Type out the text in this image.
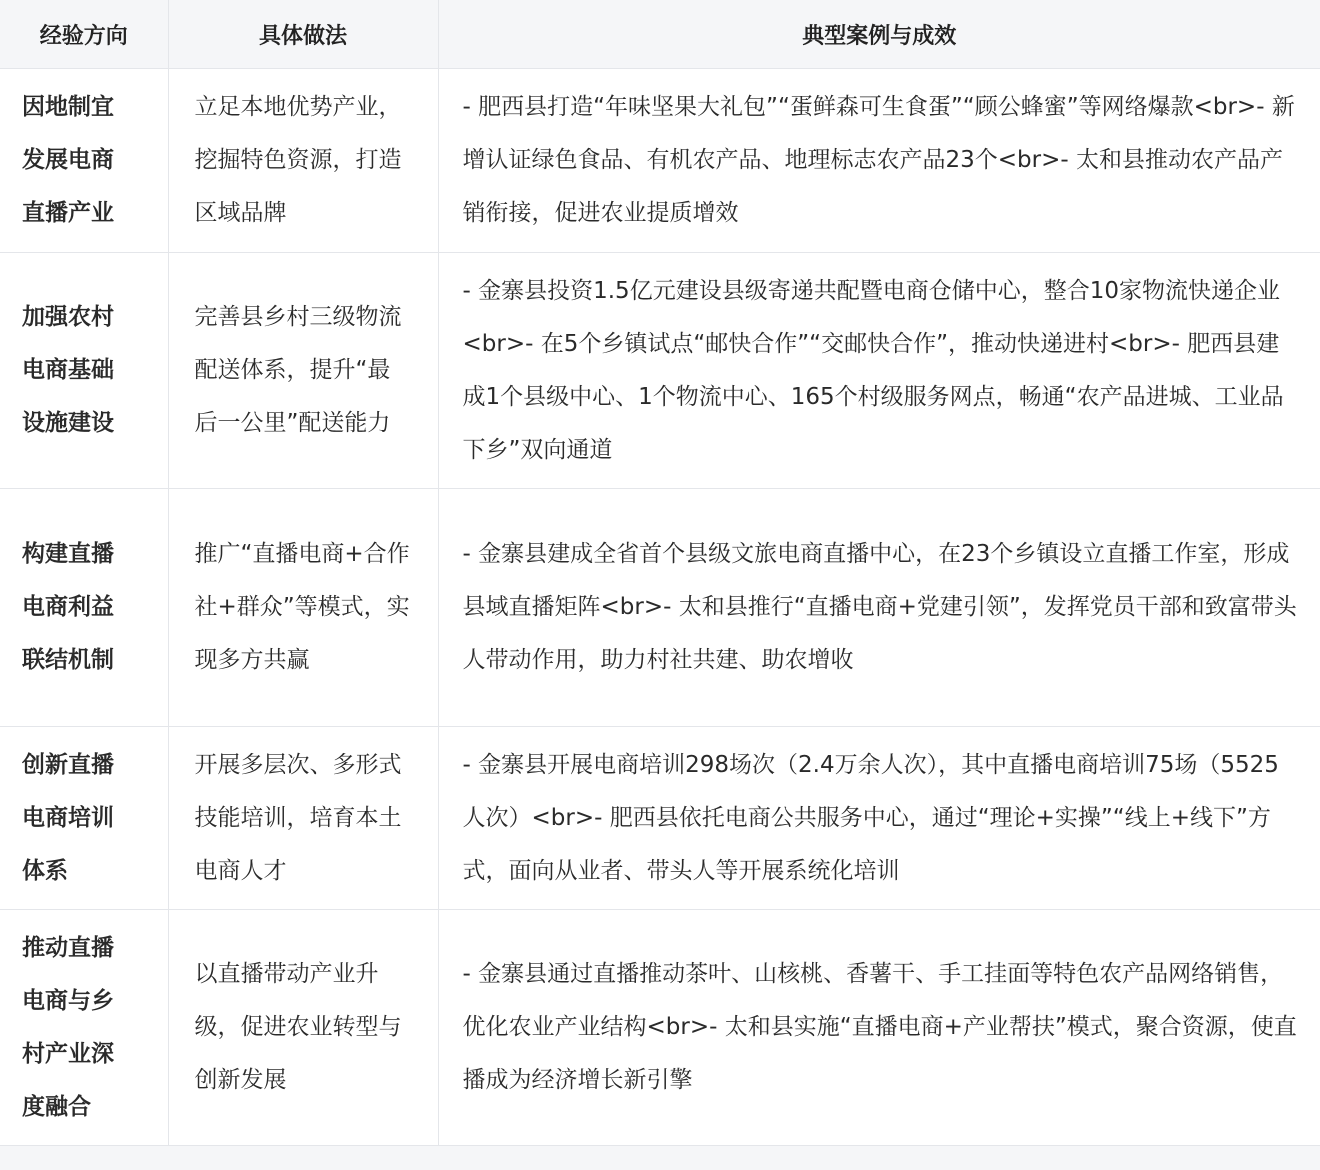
经验方向	具体做法	典型案例与成效
因地制宜发展电商直播产业	立足本地优势产业，挖掘特色资源，打造区域品牌	- 肥西县打造“年味坚果大礼包”“蛋鲜森可生食蛋”“顾公蜂蜜”等网络爆款<br>- 新增认证绿色食品、有机农产品、地理标志农产品23个<br>- 太和县推动农产品产销衔接，促进农业提质增效
加强农村电商基础设施建设	完善县乡村三级物流配送体系，提升“最后一公里”配送能力	- 金寨县投资1.5亿元建设县级寄递共配暨电商仓储中心，整合10家物流快递企业<br>- 在5个乡镇试点“邮快合作”“交邮快合作”，推动快递进村<br>- 肥西县建成1个县级中心、1个物流中心、165个村级服务网点，畅通“农产品进城、工业品下乡”双向通道
构建直播电商利益联结机制	推广“直播电商+合作社+群众”等模式，实现多方共赢	- 金寨县建成全省首个县级文旅电商直播中心，在23个乡镇设立直播工作室，形成县域直播矩阵<br>- 太和县推行“直播电商+党建引领”，发挥党员干部和致富带头人带动作用，助力村社共建、助农增收
创新直播电商培训体系	开展多层次、多形式技能培训，培育本土电商人才	- 金寨县开展电商培训298场次（2.4万余人次），其中直播电商培训75场（5525人次）<br>- 肥西县依托电商公共服务中心，通过“理论+实操”“线上+线下”方式，面向从业者、带头人等开展系统化培训
推动直播电商与乡村产业深度融合	以直播带动产业升级，促进农业转型与创新发展	- 金寨县通过直播推动茶叶、山核桃、香薯干、手工挂面等特色农产品网络销售，优化农业产业结构<br>- 太和县实施“直播电商+产业帮扶”模式，聚合资源，使直播成为经济增长新引擎
